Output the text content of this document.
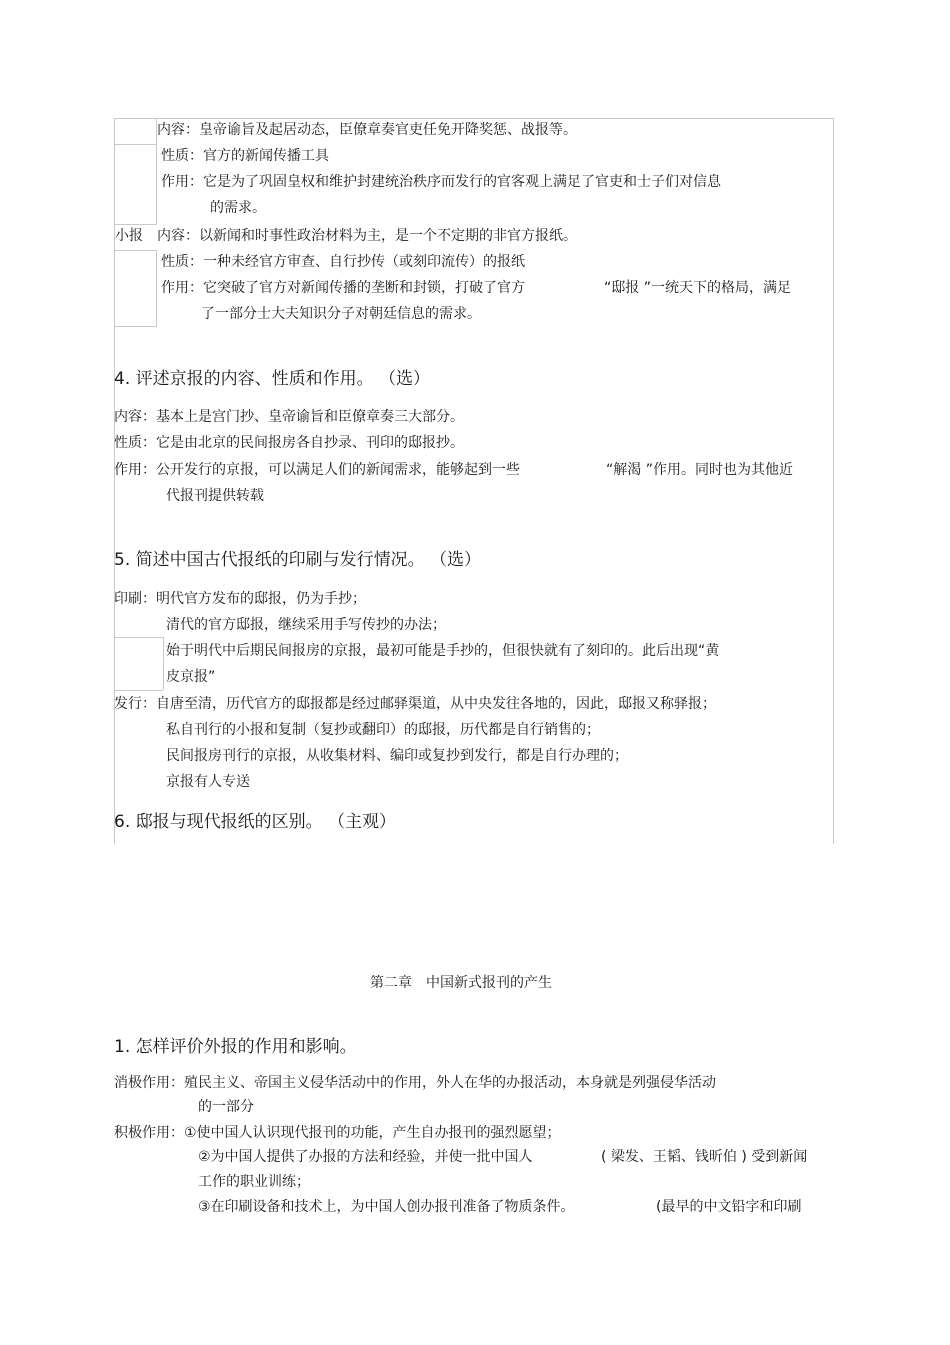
内容：皇帝谕旨及起居动态，臣僚章奏官吏任免开降奖惩、战报等。
性质：官方的新闻传播工具
作用：它是为了巩固皇权和维护封建统治秩序而发行的官客观上满足了官吏和士子们对信息
的需求。
小报 内容：以新闻和时事性政治材料为主，是一个不定期的非官方报纸。
性质：一种未经官方审查、自行抄传（或刻印流传）的报纸
作用：它突破了官方对新闻传播的垄断和封锁，打破了官方	“邸报 ”一统天下的格局，满足
了一部分士大夫知识分子对朝廷信息的需求。
4. 评述京报的内容、性质和作用。 （选）
内容：基本上是宫门抄、皇帝谕旨和臣僚章奏三大部分。
性质：它是由北京的民间报房各自抄录、刊印的邸报抄。
作用：公开发行的京报，可以满足人们的新闻需求，能够起到一些	“解渴 ”作用。同时也为其他近
代报刊提供转载
5. 简述中国古代报纸的印刷与发行情况。 （选）
印刷：明代官方发布的邸报，仍为手抄；
清代的官方邸报，继续采用手写传抄的办法；
始于明代中后期民间报房的京报，最初可能是手抄的，但很快就有了刻印的。此后出现“黄
皮京报”
发行：自唐至清，历代官方的邸报都是经过邮驿渠道，从中央发往各地的，因此，邸报又称驿报；
私自刊行的小报和复制（复抄或翻印）的邸报，历代都是自行销售的；
民间报房刊行的京报，从收集材料、编印或复抄到发行，都是自行办理的；
京报有人专送
6. 邸报与现代报纸的区别。 （主观）
第二章　中国新式报刊的产生
1. 怎样评价外报的作用和影响。
消极作用：殖民主义、帝国主义侵华活动中的作用，外人在华的办报活动，本身就是列强侵华活动
的一部分
积极作用：①使中国人认识现代报刊的功能，产生自办报刊的强烈愿望；
②为中国人提供了办报的方法和经验，并使一批中国人	( 梁发、王韬、钱昕伯 ) 受到新闻
工作的职业训练；
③在印刷设备和技术上，为中国人创办报刊准备了物质条件。	(最早的中文铅字和印刷
